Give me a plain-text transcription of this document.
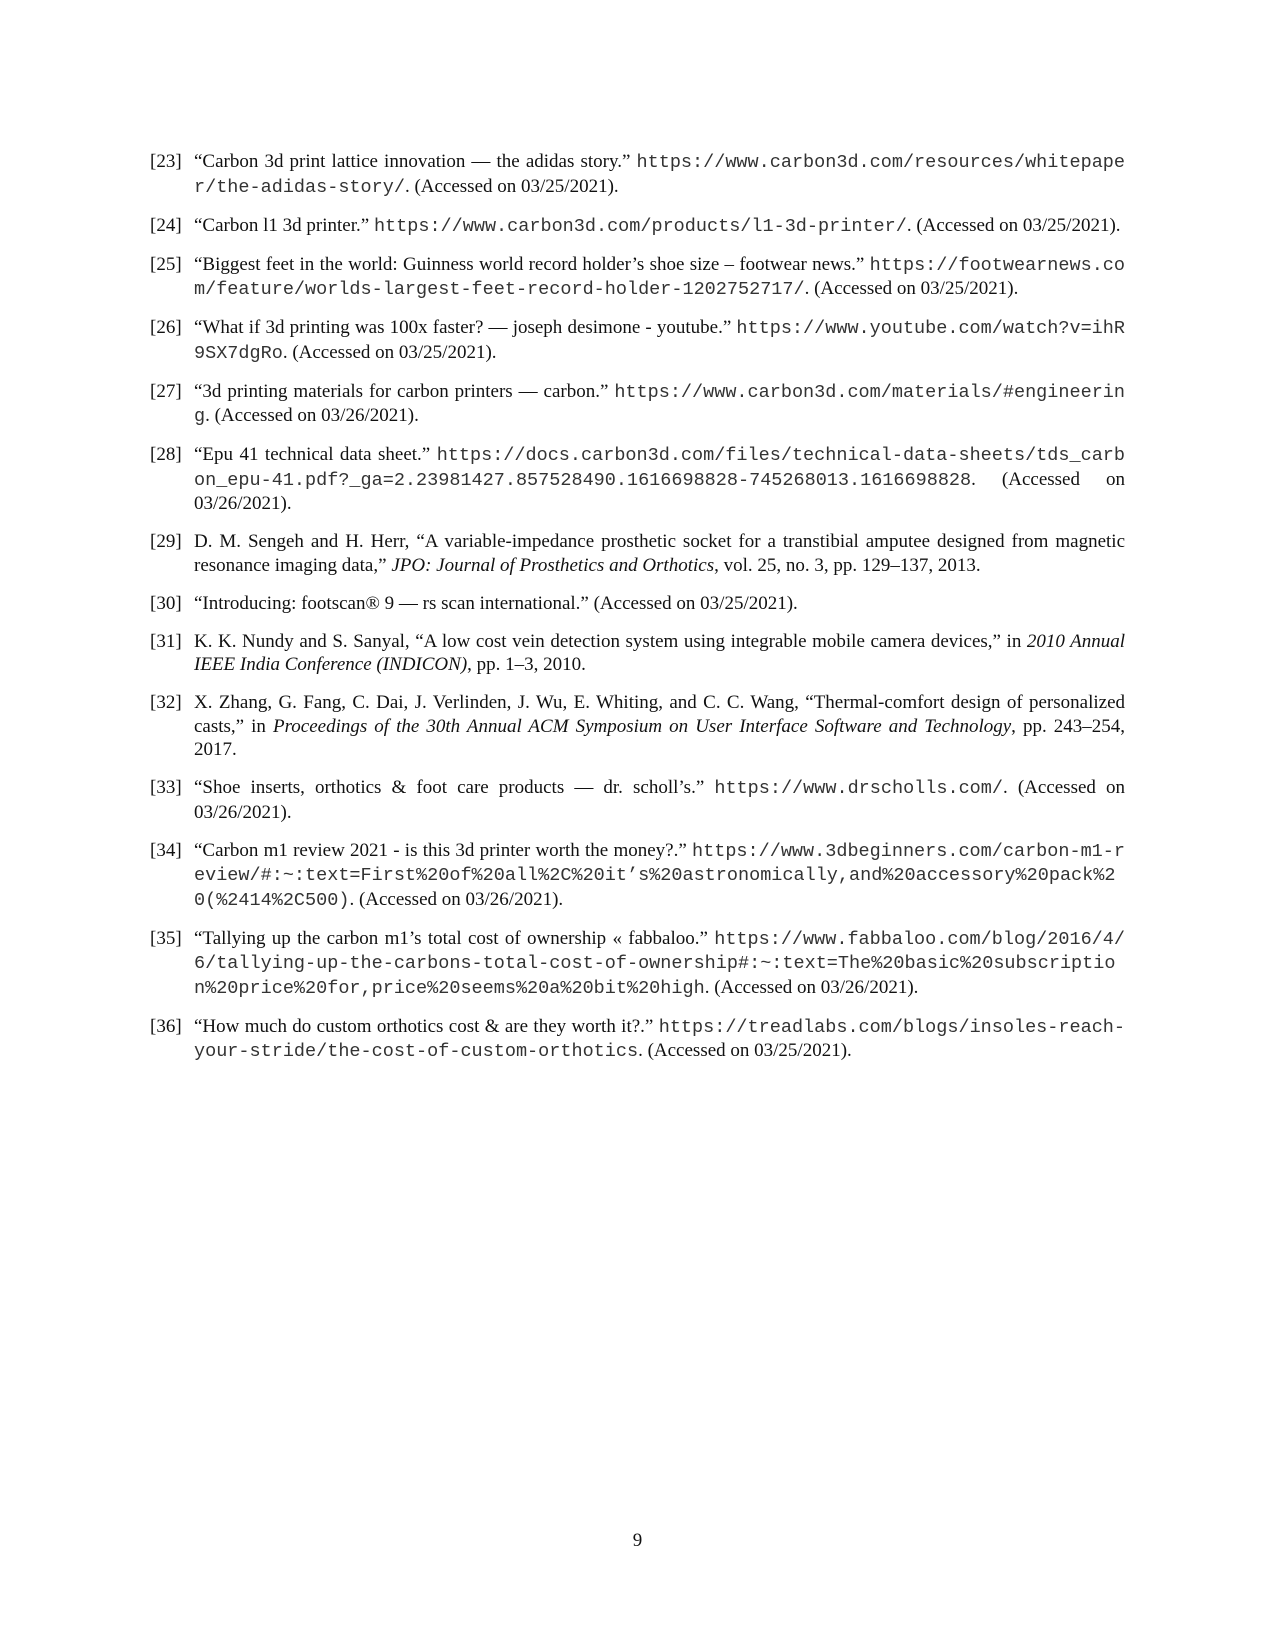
[23] “Carbon 3d print lattice innovation — the adidas story.” https://www.carbon3d.com/resources/whitepaper/the-adidas-story/. (Accessed on 03/25/2021).
[24] “Carbon l1 3d printer.” https://www.carbon3d.com/products/l1-3d-printer/. (Accessed on 03/25/2021).
[25] “Biggest feet in the world: Guinness world record holder’s shoe size – footwear news.” https://footwearnews.com/feature/worlds-largest-feet-record-holder-1202752717/. (Accessed on 03/25/2021).
[26] “What if 3d printing was 100x faster? — joseph desimone - youtube.” https://www.youtube.com/watch?v=ihR9SX7dgRo. (Accessed on 03/25/2021).
[27] “3d printing materials for carbon printers — carbon.” https://www.carbon3d.com/materials/#engineering. (Accessed on 03/26/2021).
[28] “Epu 41 technical data sheet.” https://docs.carbon3d.com/files/technical-data-sheets/tds_carbon_epu-41.pdf?_ga=2.23981427.857528490.1616698828-745268013.1616698828. (Accessed on 03/26/2021).
[29] D. M. Sengeh and H. Herr, “A variable-impedance prosthetic socket for a transtibial amputee designed from magnetic resonance imaging data,” JPO: Journal of Prosthetics and Orthotics, vol. 25, no. 3, pp. 129–137, 2013.
[30] “Introducing: footscan® 9 — rs scan international.” (Accessed on 03/25/2021).
[31] K. K. Nundy and S. Sanyal, “A low cost vein detection system using integrable mobile camera devices,” in 2010 Annual IEEE India Conference (INDICON), pp. 1–3, 2010.
[32] X. Zhang, G. Fang, C. Dai, J. Verlinden, J. Wu, E. Whiting, and C. C. Wang, “Thermal-comfort design of personalized casts,” in Proceedings of the 30th Annual ACM Symposium on User Interface Software and Technology, pp. 243–254, 2017.
[33] “Shoe inserts, orthotics & foot care products — dr. scholl’s.” https://www.drscholls.com/. (Accessed on 03/26/2021).
[34] “Carbon m1 review 2021 - is this 3d printer worth the money?.” https://www.3dbeginners.com/carbon-m1-review/#:~:text=First%20of%20all%2C%20it’s%20astronomically,and%20accessory%20pack%20(%2414%2C500). (Accessed on 03/26/2021).
[35] “Tallying up the carbon m1’s total cost of ownership « fabbaloo.” https://www.fabbaloo.com/blog/2016/4/6/tallying-up-the-carbons-total-cost-of-ownership#:~:text=The%20basic%20subscription%20price%20for,price%20seems%20a%20bit%20high. (Accessed on 03/26/2021).
[36] “How much do custom orthotics cost & are they worth it?.” https://treadlabs.com/blogs/insoles-reach-your-stride/the-cost-of-custom-orthotics. (Accessed on 03/25/2021).
9
